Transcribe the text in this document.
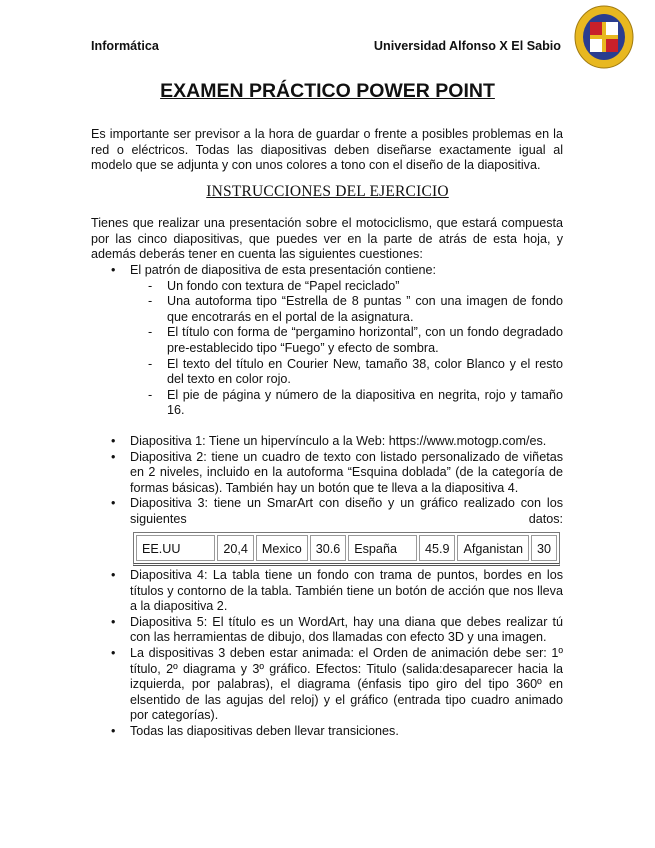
Informática	Universidad Alfonso X El Sabio
EXAMEN PRÁCTICO POWER POINT
Es importante ser previsor a la hora de guardar o frente a posibles problemas en la red o eléctricos. Todas las diapositivas deben diseñarse exactamente igual al modelo que se adjunta y con unos colores a tono con el diseño de la diapositiva.
INSTRUCCIONES DEL EJERCICIO
Tienes que realizar una presentación sobre el motociclismo, que estará compuesta por las cinco diapositivas, que puedes ver en la parte de atrás de esta hoja, y además deberás tener en cuenta las siguientes cuestiones:
• El patrón de diapositiva de esta presentación contiene:
- Un fondo con textura de “Papel reciclado”
- Una autoforma tipo “Estrella de 8 puntas ” con una imagen de fondo que encotrarás en el portal de la asignatura.
- El título con forma de “pergamino horizontal”, con un fondo degradado pre-establecido tipo “Fuego” y efecto de sombra.
- El texto del título en Courier New, tamaño 38, color Blanco y el resto del texto en color rojo.
- El pie de página y número de la diapositiva en negrita, rojo y tamaño 16.
• Diapositiva 1: Tiene un hipervínculo a la Web: https://www.motogp.com/es.
• Diapositiva 2: tiene un cuadro de texto con listado personalizado de viñetas en 2 niveles, incluido en la autoforma “Esquina doblada” (de la categoría de formas básicas). También hay un botón que te lleva a la diapositiva 4.
• Diapositiva 3: tiene un SmarArt con diseño y un gráfico realizado con los siguientes datos:
EE.UU	20,4	Mexico	30.6	España	45.9	Afganistan	30
• Diapositiva 4: La tabla tiene un fondo con trama de puntos, bordes en los títulos y contorno de la tabla. También tiene un botón de acción que nos lleva a la diapositiva 2.
• Diapositiva 5: El título es un WordArt, hay una diana que debes realizar tú con las herramientas de dibujo, dos llamadas con efecto 3D y una imagen.
• La dispositivas 3 deben estar animada: el Orden de animación debe ser: 1º título, 2º diagrama y 3º gráfico. Efectos: Titulo (salida:desaparecer hacia la izquierda, por palabras), el diagrama (énfasis tipo giro del tipo 360º en elsentido de las agujas del reloj) y el gráfico (entrada tipo cuadro animado por categorías).
• Todas las diapositivas deben llevar transiciones.
